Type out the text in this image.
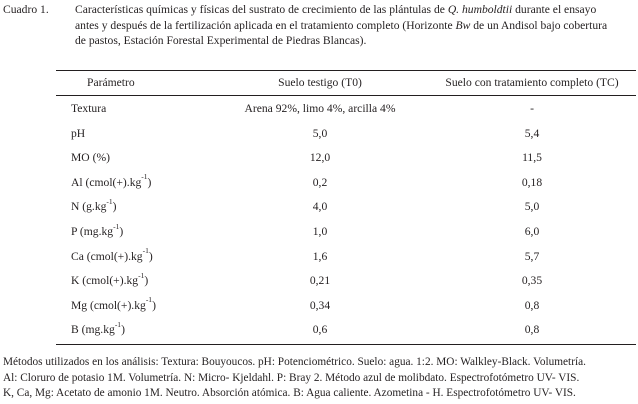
Cuadro 1. Características químicas y físicas del sustrato de crecimiento de las plántulas de Q. humboldtii durante el ensayo
antes y después de la fertilización aplicada en el tratamiento completo (Horizonte Bw de un Andisol bajo cobertura
de pastos, Estación Forestal Experimental de Piedras Blancas).
Parámetro	Suelo testigo (T0)	Suelo con tratamiento completo (TC)
Textura	Arena 92%, limo 4%, arcilla 4%	-
pH	5,0	5,4
MO (%)	12,0	11,5
Al $(cmol(+).kg^{-1})$	0,2	0,18
N $(g.kg^{-1})$	4,0	5,0
P $(mg.kg^{-1})$	1,0	6,0
Ca $(cmol(+).kg^{-1})$	1,6	5,7
K $(cmol(+).kg^{-1})$	0,21	0,35
Mg $(cmol(+).kg^{-1})$	0,34	0,8
B $(mg.kg^{-1})$	0,6	0,8
Métodos utilizados en los análisis: Textura: Bouyoucos. pH: Potenciométrico. Suelo: agua. 1:2. MO: Walkley-Black. Volumetría.
Al: Cloruro de potasio 1M. Volumetría. N: Micro- Kjeldahl. P: Bray 2. Método azul de molibdato. Espectrofotómetro UV- VIS.
K, Ca, Mg: Acetato de amonio 1M. Neutro. Absorción atómica. B: Agua caliente. Azometina - H. Espectrofotómetro UV- VIS.
